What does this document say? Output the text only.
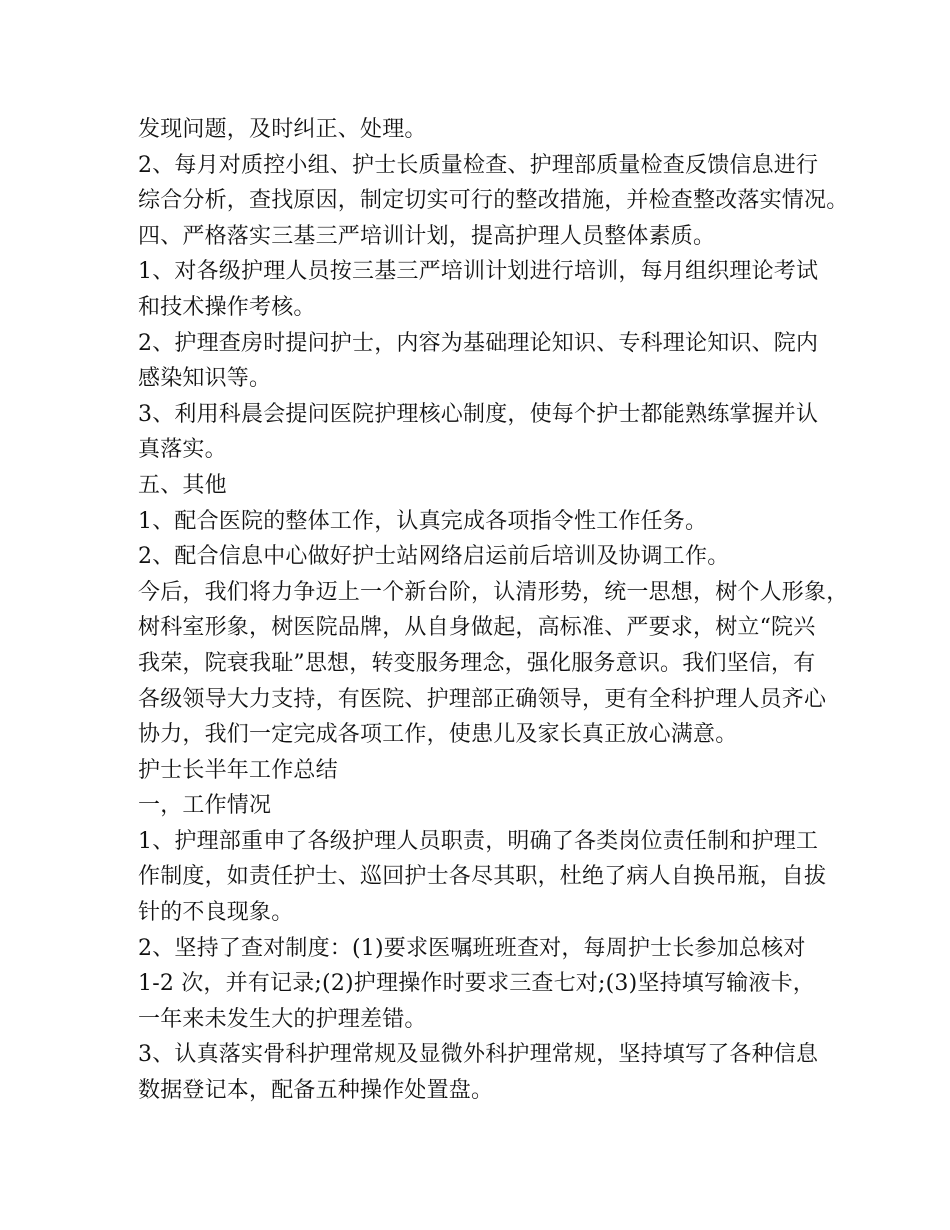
发现问题，及时纠正、处理。
2、每月对质控小组、护士长质量检查、护理部质量检查反馈信息进行
综合分析，查找原因，制定切实可行的整改措施，并检查整改落实情况。
四、严格落实三基三严培训计划，提高护理人员整体素质。
1、对各级护理人员按三基三严培训计划进行培训，每月组织理论考试
和技术操作考核。
2、护理查房时提问护士，内容为基础理论知识、专科理论知识、院内
感染知识等。
3、利用科晨会提问医院护理核心制度，使每个护士都能熟练掌握并认
真落实。
五、其他
1、配合医院的整体工作，认真完成各项指令性工作任务。
2、配合信息中心做好护士站网络启运前后培训及协调工作。
今后，我们将力争迈上一个新台阶，认清形势，统一思想，树个人形象，
树科室形象，树医院品牌，从自身做起，高标准、严要求，树立“院兴
我荣，院衰我耻”思想，转变服务理念，强化服务意识。我们坚信，有
各级领导大力支持，有医院、护理部正确领导，更有全科护理人员齐心
协力，我们一定完成各项工作，使患儿及家长真正放心满意。
护士长半年工作总结
一，工作情况
1、护理部重申了各级护理人员职责，明确了各类岗位责任制和护理工
作制度，如责任护士、巡回护士各尽其职，杜绝了病人自换吊瓶，自拔
针的不良现象。
2、坚持了查对制度：(1)要求医嘱班班查对，每周护士长参加总核对
1-2 次，并有记录;(2)护理操作时要求三查七对;(3)坚持填写输液卡，
一年来未发生大的护理差错。
3、认真落实骨科护理常规及显微外科护理常规，坚持填写了各种信息
数据登记本，配备五种操作处置盘。
